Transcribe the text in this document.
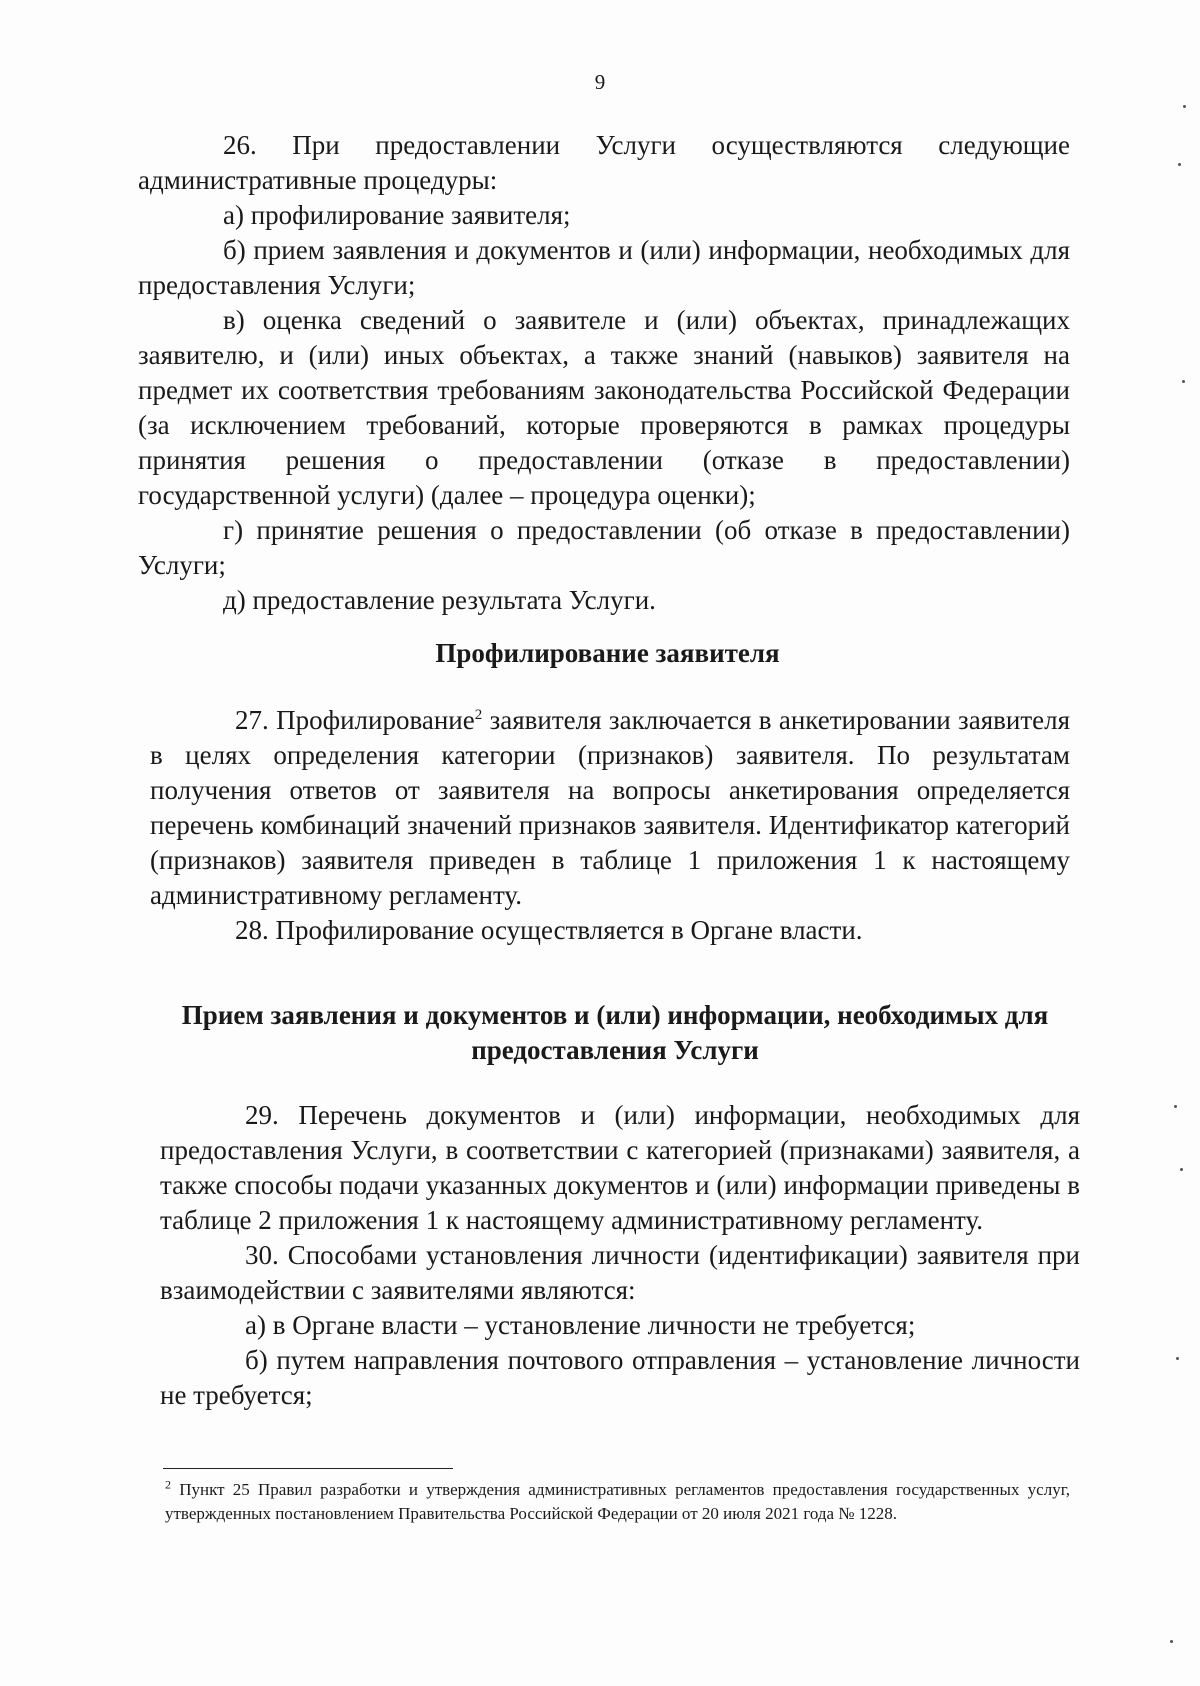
9

26. При предоставлении Услуги осуществляются следующие административные процедуры:

а) профилирование заявителя;

б) прием заявления и документов и (или) информации, необходимых для предоставления Услуги;

в) оценка сведений о заявителе и (или) объектах, принадлежащих заявителю, и (или) иных объектах, а также знаний (навыков) заявителя на предмет их соответствия требованиям законодательства Российской Федерации (за исключением требований, которые проверяются в рамках процедуры принятия решения о предоставлении (отказе в предоставлении) государственной услуги) (далее – процедура оценки);

г) принятие решения о предоставлении (об отказе в предоставлении) Услуги;

д) предоставление результата Услуги.

Профилирование заявителя

27. Профилирование$^2$ заявителя заключается в анкетировании заявителя в целях определения категории (признаков) заявителя. По результатам получения ответов от заявителя на вопросы анкетирования определяется перечень комбинаций значений признаков заявителя. Идентификатор категорий (признаков) заявителя приведен в таблице 1 приложения 1 к настоящему административному регламенту.

28. Профилирование осуществляется в Органе власти.

Прием заявления и документов и (или) информации, необходимых для

предоставления Услуги

29. Перечень документов и (или) информации, необходимых для предоставления Услуги, в соответствии с категорией (признаками) заявителя, а также способы подачи указанных документов и (или) информации приведены в таблице 2 приложения 1 к настоящему административному регламенту.

30. Способами установления личности (идентификации) заявителя при взаимодействии с заявителями являются:

а) в Органе власти – установление личности не требуется;

б) путем направления почтового отправления – установление личности не требуется;

$^2$ Пункт 25 Правил разработки и утверждения административных регламентов предоставления государственных услуг, утвержденных постановлением Правительства Российской Федерации от 20 июля 2021 года № 1228.
